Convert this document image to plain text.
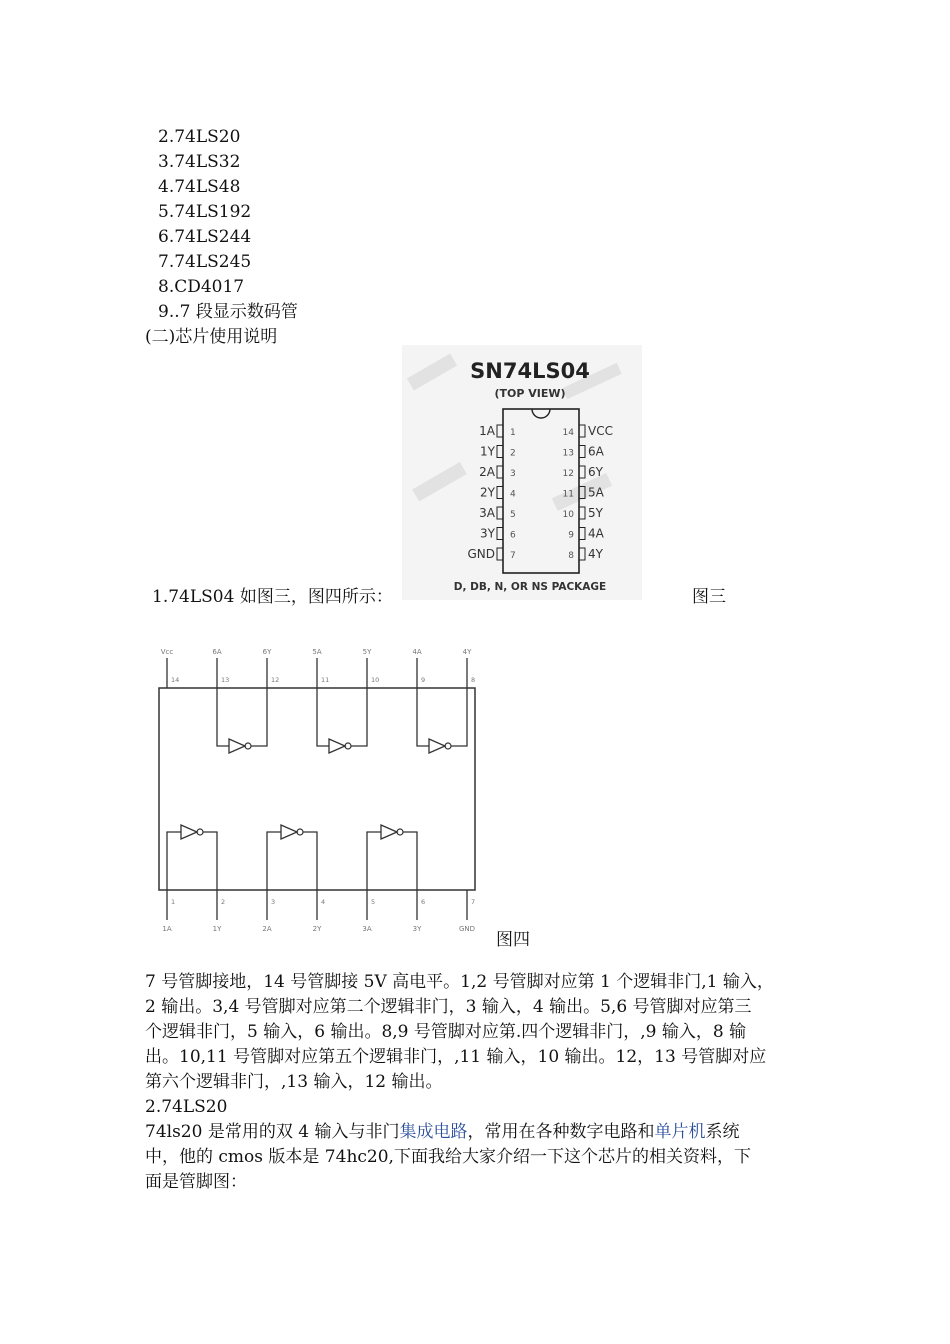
2.74LS20
3.74LS32
4.74LS48
5.74LS192
6.74LS244
7.74LS245
8.CD4017
9..7 段显示数码管
(二)芯片使用说明
SN74LS04
(TOP VIEW)
1A 1
1Y 2
2A 3
2Y 4
3A 5
3Y 6
GND 7
VCC
14
6A
13
6Y
12
5A
11
5Y
10
4A
9
4Y
8
D, DB, N, OR NS PACKAGE
1.74LS04 如图三，图四所示：	图三
Vcc
14
6A
13
6Y
12
5A
11
5Y
10
4A
9
4Y
8
1
1A
2
1Y
3
2A
4
2Y
5
3A
6
3Y
7
GND
图四
7 号管脚接地，14 号管脚接 5V 高电平。1,2 号管脚对应第 1 个逻辑非门,1 输入，
2 输出。3,4 号管脚对应第二个逻辑非门，3 输入，4 输出。5,6 号管脚对应第三
个逻辑非门，5 输入，6 输出。8,9 号管脚对应第.四个逻辑非门，,9 输入，8 输
出。10,11 号管脚对应第五个逻辑非门，,11 输入，10 输出。12，13 号管脚对应
第六个逻辑非门，,13 输入，12 输出。
2.74LS20
74ls20 是常用的双 4 输入与非门集成电路，常用在各种数字电路和单片机系统
中，他的 cmos 版本是 74hc20,下面我给大家介绍一下这个芯片的相关资料，下
面是管脚图：
